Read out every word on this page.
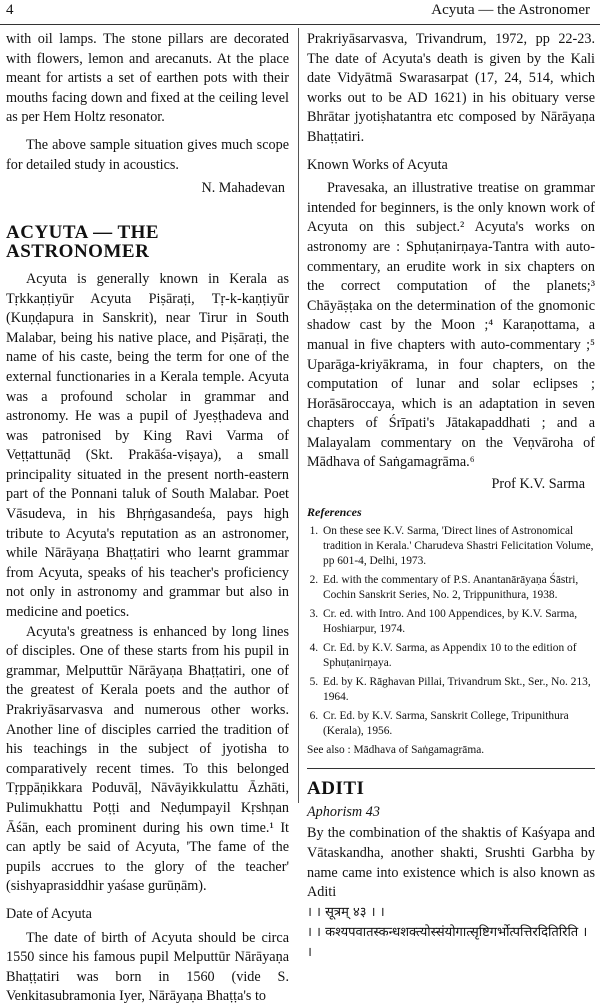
4	Acyuta — the Astronomer

with oil lamps. The stone pillars are decorated with flowers, lemon and arecanuts. At the place meant for artists a set of earthen pots with their mouths facing down and fixed at the ceiling level as per Hem Holtz resonator.

The above sample situation gives much scope for detailed study in acoustics.

N. Mahadevan

ACYUTA — THE ASTRONOMER

Acyuta is generally known in Kerala as Tṛkkaṇṭiyūr Acyuta Piṣāraṭi, Tṛ-k-kaṇṭiyūr (Kuṇḍapura in Sanskrit), near Tirur in South Malabar, being his native place, and Piṣāraṭi, the name of his caste, being the term for one of the external functionaries in a Kerala temple. Acyuta was a profound scholar in grammar and astronomy. He was a pupil of Jyeṣṭhadeva and was patronised by King Ravi Varma of Veṭṭattunāḍ (Skt. Prakāśa-viṣaya), a small principality situated in the present north-eastern part of the Ponnani taluk of South Malabar. Poet Vāsudeva, in his Bhṛṅgasandeśa, pays high tribute to Acyuta's reputation as an astronomer, while Nārāyaṇa Bhaṭṭatiri who learnt grammar from Acyuta, speaks of his teacher's proficiency not only in astronomy and grammar but also in medicine and poetics.

Acyuta's greatness is enhanced by long lines of disciples. One of these starts from his pupil in grammar, Melputtūr Nārāyaṇa Bhaṭṭatiri, one of the greatest of Kerala poets and the author of Prakriyāsarvasva and numerous other works. Another line of disciples carried the tradition of his teachings in the subject of jyotisha to comparatively recent times. To this belonged Tṛppāṇikkara Poduvāḷ, Nāvāyikkulattu Āzhāti, Pulimukhattu Poṭṭi and Neḍumpayil Kṛshṇan Āśān, each prominent during his own time.¹ It can aptly be said of Acyuta, 'The fame of the pupils accrues to the glory of the teacher' (sishyaprasiddhir yaśase gurūṇām).

Date of Acyuta

The date of birth of Acyuta should be circa 1550 since his famous pupil Melputtūr Nārāyaṇa Bhaṭṭatiri was born in 1560 (vide S. Venkitasubramonia Iyer, Nārāyaṇa Bhaṭṭa's to

Prakriyāsarvasva, Trivandrum, 1972, pp 22-23. The date of Acyuta's death is given by the Kali date Vidyātmā Swarasarpat (17, 24, 514, which works out to be AD 1621) in his obituary verse Bhrātar jyotiṣhatantra etc composed by Nārāyaṇa Bhaṭṭatiri.

Known Works of Acyuta

Pravesaka, an illustrative treatise on grammar intended for beginners, is the only known work of Acyuta on this subject.² Acyuta's works on astronomy are : Sphuṭanirṇaya-Tantra with auto-commentary, an erudite work in six chapters on the correct computation of the planets;³ Chāyāṣṭaka on the determination of the gnomonic shadow cast by the Moon ;⁴ Karaṇottama, a manual in five chapters with auto-commentary ;⁵ Uparāga-kriyākrama, in four chapters, on the computation of lunar and solar eclipses ; Horāsāroccaya, which is an adaptation in seven chapters of Śrīpati's Jātakapaddhati ; and a Malayalam commentary on the Veṇvāroha of Mādhava of Saṅgamagrāma.⁶

Prof K.V. Sarma

References
1. On these see K.V. Sarma, 'Direct lines of Astronomical tradition in Kerala.' Charudeva Shastri Felicitation Volume, pp 601-4, Delhi, 1973.
2. Ed. with the commentary of P.S. Anantanārāyaṇa Śāstri, Cochin Sanskrit Series, No. 2, Trippunithura, 1938.
3. Cr. ed. with Intro. And 100 Appendices, by K.V. Sarma, Hoshiarpur, 1974.
4. Cr. Ed. by K.V. Sarma, as Appendix 10 to the edition of Sphuṭanirṇaya.
5. Ed. by K. Rāghavan Pillai, Trivandrum Skt., Ser., No. 213, 1964.
6. Cr. Ed. by K.V. Sarma, Sanskrit College, Tripunithura (Kerala), 1956.
See also : Mādhava of Saṅgamagrāma.
ADITI
Aphorism 43

By the combination of the shaktis of Kaśyapa and Vātaskandha, another shakti, Srushti Garbha by name came into existence which is also known as Aditi

। । सूत्रम् ४३ । ।
। । कश्यपवातस्कन्धशक्त्योस्संयोगात्सृष्टिगर्भोत्पत्तिरदितिरिति । ।
